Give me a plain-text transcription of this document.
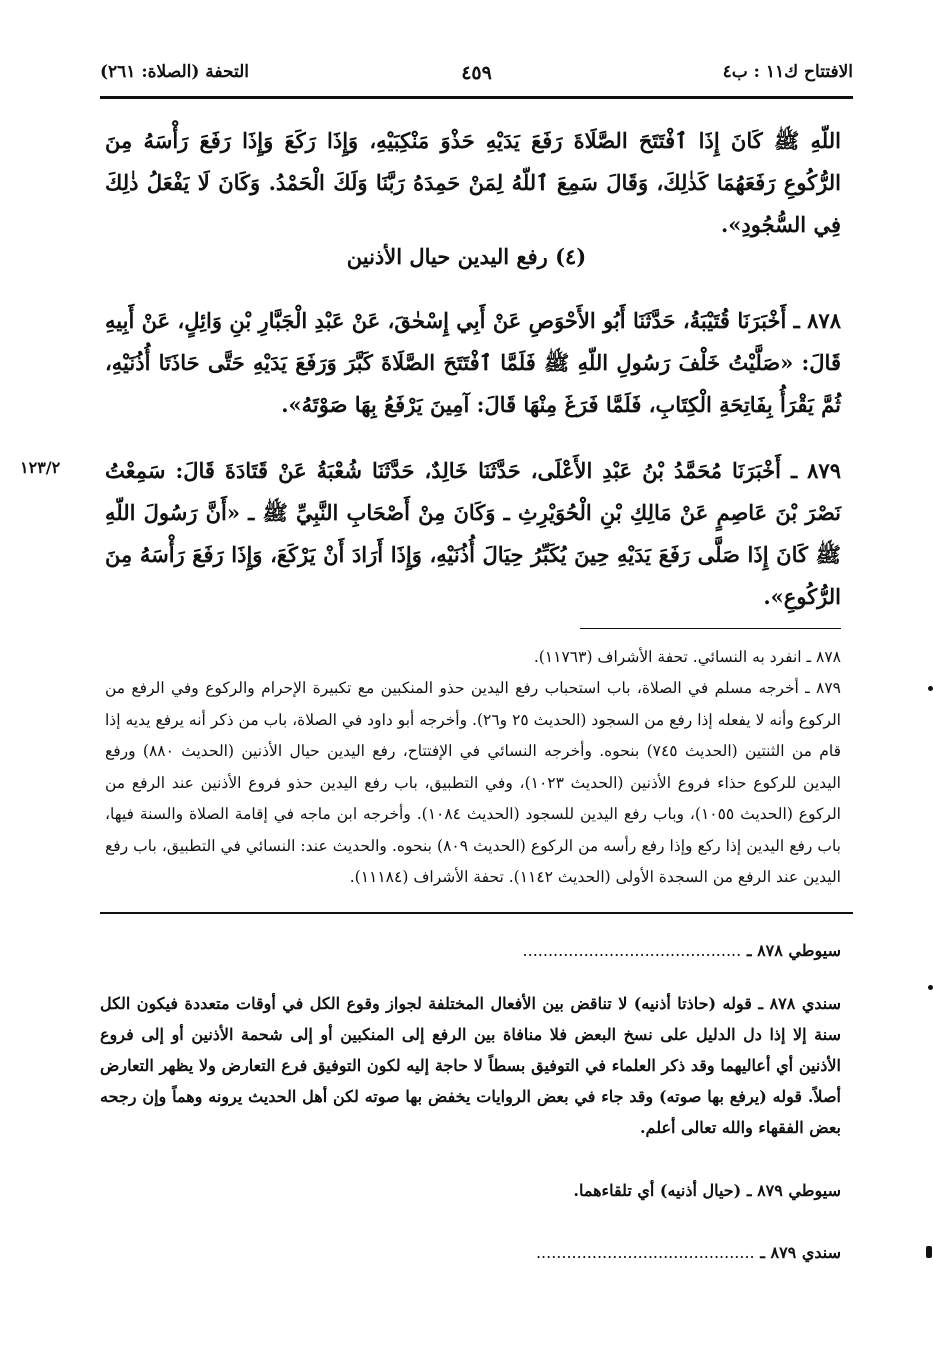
الافتتاح ك١١ : ب٤
٤٥٩
التحفة (الصلاة: ٢٦١)
اللّهِ ﷺ كَانَ إِذَا ٱفْتَتَحَ الصَّلَاةَ رَفَعَ يَدَيْهِ حَذْوَ مَنْكِبَيْهِ، وَإِذَا رَكَعَ وَإِذَا رَفَعَ رَأْسَهُ مِنَ الرُّكُوعِ رَفَعَهُمَا كَذٰلِكَ، وَقَالَ سَمِعَ ٱللّهُ لِمَنْ حَمِدَهُ رَبَّنَا وَلَكَ الْحَمْدُ. وَكَانَ لَا يَفْعَلُ ذٰلِكَ فِي السُّجُودِ».
(٤) رفع اليدين حيال الأذنين
٨٧٨ ـ أَخْبَرَنَا قُتَيْبَةُ، حَدَّثَنَا أَبُو الأَحْوَصِ عَنْ أَبِي إِسْحٰقَ، عَنْ عَبْدِ الْجَبَّارِ بْنِ وَائِلٍ، عَنْ أَبِيهِ قَالَ: «صَلَّيْتُ خَلْفَ رَسُولِ اللّهِ ﷺ فَلَمَّا ٱفْتَتَحَ الصَّلَاةَ كَبَّرَ وَرَفَعَ يَدَيْهِ حَتَّى حَاذَتَا أُذُنَيْهِ، ثُمَّ يَقْرَأُ بِفَاتِحَةِ الْكِتَابِ، فَلَمَّا فَرَغَ مِنْهَا قَالَ: آمِينَ يَرْفَعُ بِهَا صَوْتَهُ».
١٢٣/٢ ٨٧٩ ـ أَخْبَرَنَا مُحَمَّدُ بْنُ عَبْدِ الأَعْلَى، حَدَّثَنَا خَالِدٌ، حَدَّثَنَا شُعْبَةُ عَنْ قَتَادَةَ قَالَ: سَمِعْتُ نَصْرَ بْنَ عَاصِمٍ عَنْ مَالِكِ بْنِ الْحُوَيْرِثِ ـ وَكَانَ مِنْ أَصْحَابِ النَّبِيِّ ﷺ ـ «أَنَّ رَسُولَ اللّهِ ﷺ كَانَ إِذَا صَلَّى رَفَعَ يَدَيْهِ حِينَ يُكَبِّرُ حِيَالَ أُذُنَيْهِ، وَإِذَا أَرَادَ أَنْ يَرْكَعَ، وَإِذَا رَفَعَ رَأْسَهُ مِنَ الرُّكُوعِ».
٨٧٨ ـ انفرد به النسائي. تحفة الأشراف (١١٧٦٣).
٨٧٩ ـ أخرجه مسلم في الصلاة، باب استحباب رفع اليدين حذو المنكبين مع تكبيرة الإحرام والركوع وفي الرفع من الركوع وأنه لا يفعله إذا رفع من السجود (الحديث ٢٥ و٢٦). وأخرجه أبو داود في الصلاة، باب من ذكر أنه يرفع يديه إذا قام من الثنتين (الحديث ٧٤٥) بنحوه. وأخرجه النسائي في الإفتتاح، رفع اليدين حيال الأذنين (الحديث ٨٨٠) ورفع اليدين للركوع حذاء فروع الأذنين (الحديث ١٠٢٣)، وفي التطبيق، باب رفع اليدين حذو فروع الأذنين عند الرفع من الركوع (الحديث ١٠٥٥)، وباب رفع اليدين للسجود (الحديث ١٠٨٤). وأخرجه ابن ماجه في إقامة الصلاة والسنة فيها، باب رفع اليدين إذا ركع وإذا رفع رأسه من الركوع (الحديث ٨٠٩) بنحوه. والحديث عند: النسائي في التطبيق، باب رفع اليدين عند الرفع من السجدة الأولى (الحديث ١١٤٢). تحفة الأشراف (١١١٨٤).
سيوطي ٨٧٨ ـ ...........................................
سندي ٨٧٨ ـ قوله (حاذتا أذنيه) لا تناقض بين الأفعال المختلفة لجواز وقوع الكل في أوقات متعددة فيكون الكل سنة إلا إذا دل الدليل على نسخ البعض فلا منافاة بين الرفع إلى المنكبين أو إلى شحمة الأذنين أو إلى فروع الأذنين أي أعاليهما وقد ذكر العلماء في التوفيق بسطاً لا حاجة إليه لكون التوفيق فرع التعارض ولا يظهر التعارض أصلاً. قوله (يرفع بها صوته) وقد جاء في بعض الروايات يخفض بها صوته لكن أهل الحديث يرونه وهماً وإن رجحه بعض الفقهاء والله تعالى أعلم.
سيوطي ٨٧٩ ـ (حيال أذنيه) أي تلقاءهما.
سندي ٨٧٩ ـ ...........................................
